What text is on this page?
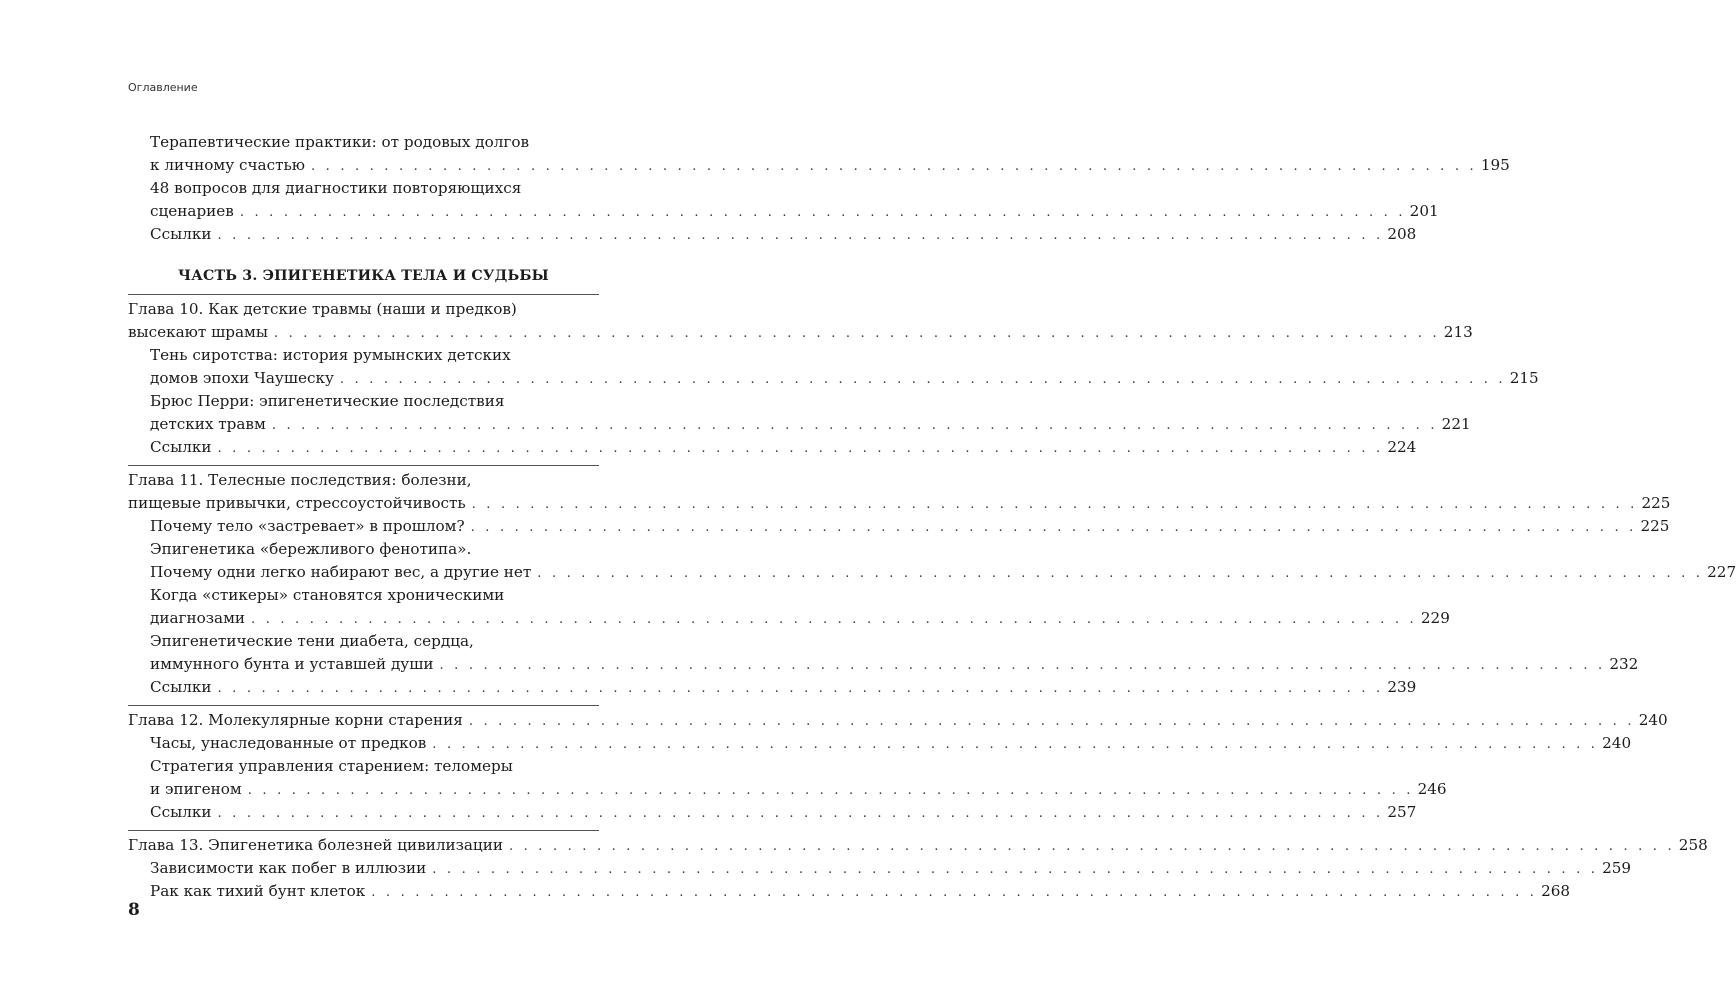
Оглавление
Терапевтические практики: от родовых долгов
к личному счастью . . . . . . . . . . . . . . . . . . . . . . . . . . . . . . . . . . . . . . . . . . . . . . . . . . . . . . . . . . . . . . . . . . . . . . . . . . . . . . . . 195
48 вопросов для диагностики повторяющихся
сценариев . . . . . . . . . . . . . . . . . . . . . . . . . . . . . . . . . . . . . . . . . . . . . . . . . . . . . . . . . . . . . . . . . . . . . . . . . . . . . . . . 201
Ссылки . . . . . . . . . . . . . . . . . . . . . . . . . . . . . . . . . . . . . . . . . . . . . . . . . . . . . . . . . . . . . . . . . . . . . . . . . . . . . . . . 208
ЧАСТЬ 3. ЭПИГЕНЕТИКА ТЕЛА И СУДЬБЫ
Глава 10. Как детские травмы (наши и предков)
высекают шрамы . . . . . . . . . . . . . . . . . . . . . . . . . . . . . . . . . . . . . . . . . . . . . . . . . . . . . . . . . . . . . . . . . . . . . . . . . . . . . . . . 213
Тень сиротства: история румынских детских
домов эпохи Чаушеску . . . . . . . . . . . . . . . . . . . . . . . . . . . . . . . . . . . . . . . . . . . . . . . . . . . . . . . . . . . . . . . . . . . . . . . . . . . . . . . . 215
Брюс Перри: эпигенетические последствия
детских травм . . . . . . . . . . . . . . . . . . . . . . . . . . . . . . . . . . . . . . . . . . . . . . . . . . . . . . . . . . . . . . . . . . . . . . . . . . . . . . . . 221
Ссылки . . . . . . . . . . . . . . . . . . . . . . . . . . . . . . . . . . . . . . . . . . . . . . . . . . . . . . . . . . . . . . . . . . . . . . . . . . . . . . . . 224
Глава 11. Телесные последствия: болезни,
пищевые привычки, стрессоустойчивость . . . . . . . . . . . . . . . . . . . . . . . . . . . . . . . . . . . . . . . . . . . . . . . . . . . . . . . . . . . . . . . . . . . . . . . . . . . . . . . . 225
Почему тело «застревает» в прошлом? . . . . . . . . . . . . . . . . . . . . . . . . . . . . . . . . . . . . . . . . . . . . . . . . . . . . . . . . . . . . . . . . . . . . . . . . . . . . . . . . 225
Эпигенетика «бережливого фенотипа».
Почему одни легко набирают вес, а другие нет . . . . . . . . . . . . . . . . . . . . . . . . . . . . . . . . . . . . . . . . . . . . . . . . . . . . . . . . . . . . . . . . . . . . . . . . . . . . . . . . 227
Когда «стикеры» становятся хроническими
диагнозами . . . . . . . . . . . . . . . . . . . . . . . . . . . . . . . . . . . . . . . . . . . . . . . . . . . . . . . . . . . . . . . . . . . . . . . . . . . . . . . . 229
Эпигенетические тени диабета, сердца,
иммунного бунта и уставшей души . . . . . . . . . . . . . . . . . . . . . . . . . . . . . . . . . . . . . . . . . . . . . . . . . . . . . . . . . . . . . . . . . . . . . . . . . . . . . . . . 232
Ссылки . . . . . . . . . . . . . . . . . . . . . . . . . . . . . . . . . . . . . . . . . . . . . . . . . . . . . . . . . . . . . . . . . . . . . . . . . . . . . . . . 239
Глава 12. Молекулярные корни старения . . . . . . . . . . . . . . . . . . . . . . . . . . . . . . . . . . . . . . . . . . . . . . . . . . . . . . . . . . . . . . . . . . . . . . . . . . . . . . . . 240
Часы, унаследованные от предков . . . . . . . . . . . . . . . . . . . . . . . . . . . . . . . . . . . . . . . . . . . . . . . . . . . . . . . . . . . . . . . . . . . . . . . . . . . . . . . . 240
Стратегия управления старением: теломеры
и эпигеном . . . . . . . . . . . . . . . . . . . . . . . . . . . . . . . . . . . . . . . . . . . . . . . . . . . . . . . . . . . . . . . . . . . . . . . . . . . . . . . . 246
Ссылки . . . . . . . . . . . . . . . . . . . . . . . . . . . . . . . . . . . . . . . . . . . . . . . . . . . . . . . . . . . . . . . . . . . . . . . . . . . . . . . . 257
Глава 13. Эпигенетика болезней цивилизации . . . . . . . . . . . . . . . . . . . . . . . . . . . . . . . . . . . . . . . . . . . . . . . . . . . . . . . . . . . . . . . . . . . . . . . . . . . . . . . . 258
Зависимости как побег в иллюзии . . . . . . . . . . . . . . . . . . . . . . . . . . . . . . . . . . . . . . . . . . . . . . . . . . . . . . . . . . . . . . . . . . . . . . . . . . . . . . . . 259
Рак как тихий бунт клеток . . . . . . . . . . . . . . . . . . . . . . . . . . . . . . . . . . . . . . . . . . . . . . . . . . . . . . . . . . . . . . . . . . . . . . . . . . . . . . . . 268
8
